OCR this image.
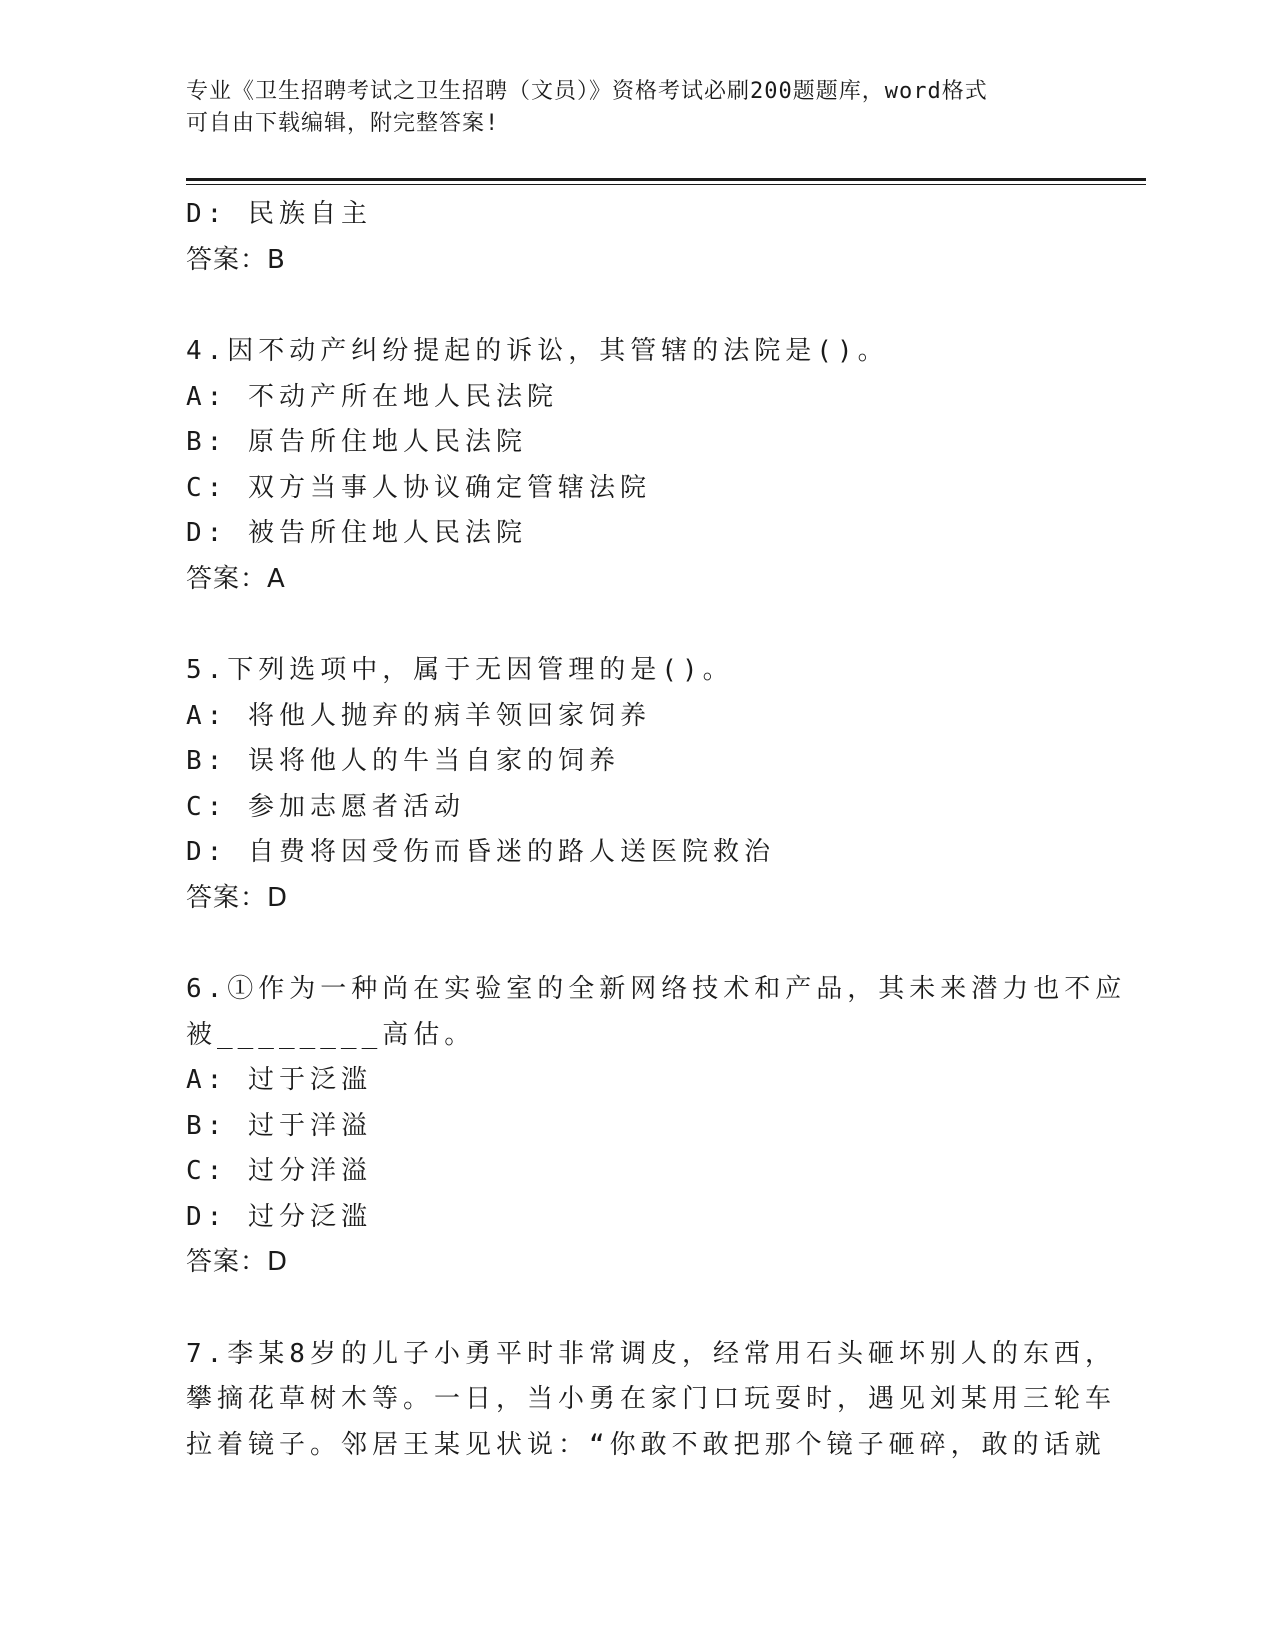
专业《卫生招聘考试之卫生招聘（文员）》资格考试必刷200题题库，word格式
可自由下载编辑，附完整答案!
D: 民族自主
答案：B
4.因不动产纠纷提起的诉讼，其管辖的法院是()。
A: 不动产所在地人民法院
B: 原告所住地人民法院
C: 双方当事人协议确定管辖法院
D: 被告所住地人民法院
答案：A
5.下列选项中，属于无因管理的是()。
A: 将他人抛弃的病羊领回家饲养
B: 误将他人的牛当自家的饲养
C: 参加志愿者活动
D: 自费将因受伤而昏迷的路人送医院救治
答案：D
6.①作为一种尚在实验室的全新网络技术和产品，其未来潜力也不应
被________高估。
A: 过于泛滥
B: 过于洋溢
C: 过分洋溢
D: 过分泛滥
答案：D
7.李某8岁的儿子小勇平时非常调皮，经常用石头砸坏别人的东西，
攀摘花草树木等。一日，当小勇在家门口玩耍时，遇见刘某用三轮车
拉着镜子。邻居王某见状说：“你敢不敢把那个镜子砸碎，敢的话就
